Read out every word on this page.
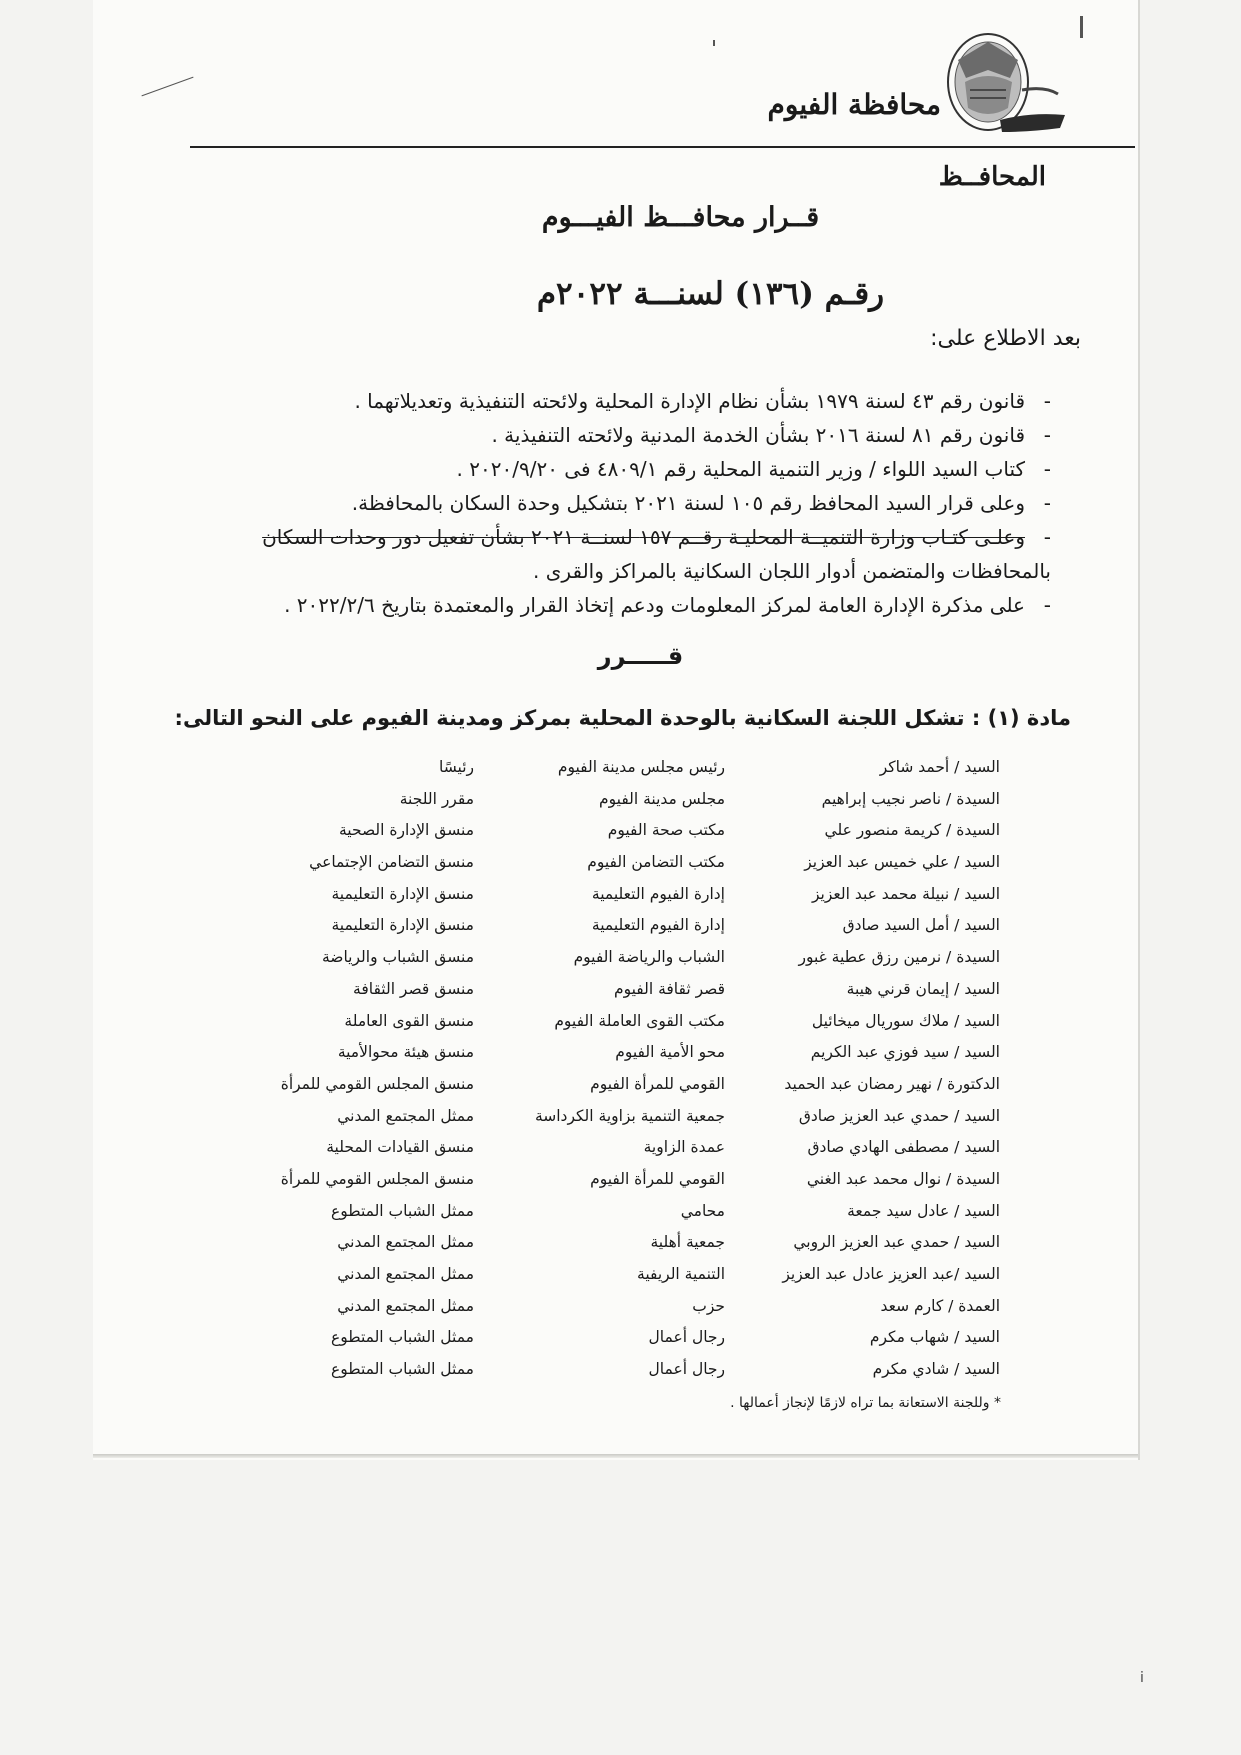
محافظة الفيوم
المحافــظ
قــرار محافـــظ الفيـــوم
رقـم (١٣٦) لسنـــة ٢٠٢٢م
بعد الاطلاع على:
- قانون رقم ٤٣ لسنة ١٩٧٩ بشأن نظام الإدارة المحلية ولائحته التنفيذية وتعديلاتهما .
- قانون رقم ٨١ لسنة ٢٠١٦ بشأن الخدمة المدنية ولائحته التنفيذية .
- كتاب السيد اللواء / وزير التنمية المحلية رقم ٤٨٠٩/١ فى ٢٠٢٠/٩/٢٠ .
- وعلى قرار السيد المحافظ رقم ١٠٥ لسنة ٢٠٢١ بتشكيل وحدة السكان بالمحافظة.
- وعلـى كتـاب وزارة التنميــة المحليـة رقــم ١٥٧ لسنــة ٢٠٢١ بشأن تفعيل دور وحدات السكان
بالمحافظات والمتضمن أدوار اللجان السكانية بالمراكز والقرى .
- على مذكرة الإدارة العامة لمركز المعلومات ودعم إتخاذ القرار والمعتمدة بتاريخ ٢٠٢٢/٢/٦ .
قـــــرر
مادة (١) : تشكل اللجنة السكانية بالوحدة المحلية بمركز ومدينة الفيوم على النحو التالى:
السيد / أحمد شاكر
رئيس مجلس مدينة الفيوم
رئيسًا
السيدة / ناصر نجيب إبراهيم
مجلس مدينة الفيوم
مقرر اللجنة
السيدة / كريمة منصور علي
مكتب صحة الفيوم
منسق الإدارة الصحية
السيد / علي خميس عبد العزيز
مكتب التضامن الفيوم
منسق التضامن الإجتماعي
السيد / نبيلة محمد عبد العزيز
إدارة الفيوم التعليمية
منسق الإدارة التعليمية
السيد / أمل السيد صادق
إدارة الفيوم التعليمية
منسق الإدارة التعليمية
السيدة / نرمين رزق عطية غبور
الشباب والرياضة الفيوم
منسق الشباب والرياضة
السيد / إيمان قرني هيبة
قصر ثقافة الفيوم
منسق قصر الثقافة
السيد / ملاك سوريال ميخائيل
مكتب القوى العاملة الفيوم
منسق القوى العاملة
السيد / سيد فوزي عبد الكريم
محو الأمية الفيوم
منسق هيئة محوالأمية
الدكتورة / نهير رمضان عبد الحميد
القومي للمرأة الفيوم
منسق المجلس القومي للمرأة
السيد / حمدي عبد العزيز صادق
جمعية التنمية بزاوية الكرداسة
ممثل المجتمع المدني
السيد / مصطفى الهادي صادق
عمدة الزاوية
منسق القيادات المحلية
السيدة / نوال محمد عبد الغني
القومي للمرأة الفيوم
منسق المجلس القومي للمرأة
السيد / عادل سيد جمعة
محامي
ممثل الشباب المتطوع
السيد / حمدي عبد العزيز الروبي
جمعية أهلية
ممثل المجتمع المدني
السيد /عبد العزيز عادل عبد العزيز
التنمية الريفية
ممثل المجتمع المدني
العمدة / كارم سعد
حزب
ممثل المجتمع المدني
السيد / شهاب مكرم
رجال أعمال
ممثل الشباب المتطوع
السيد / شادي مكرم
رجال أعمال
ممثل الشباب المتطوع
* وللجنة الاستعانة بما تراه لازمًا لإنجاز أعمالها .
i
